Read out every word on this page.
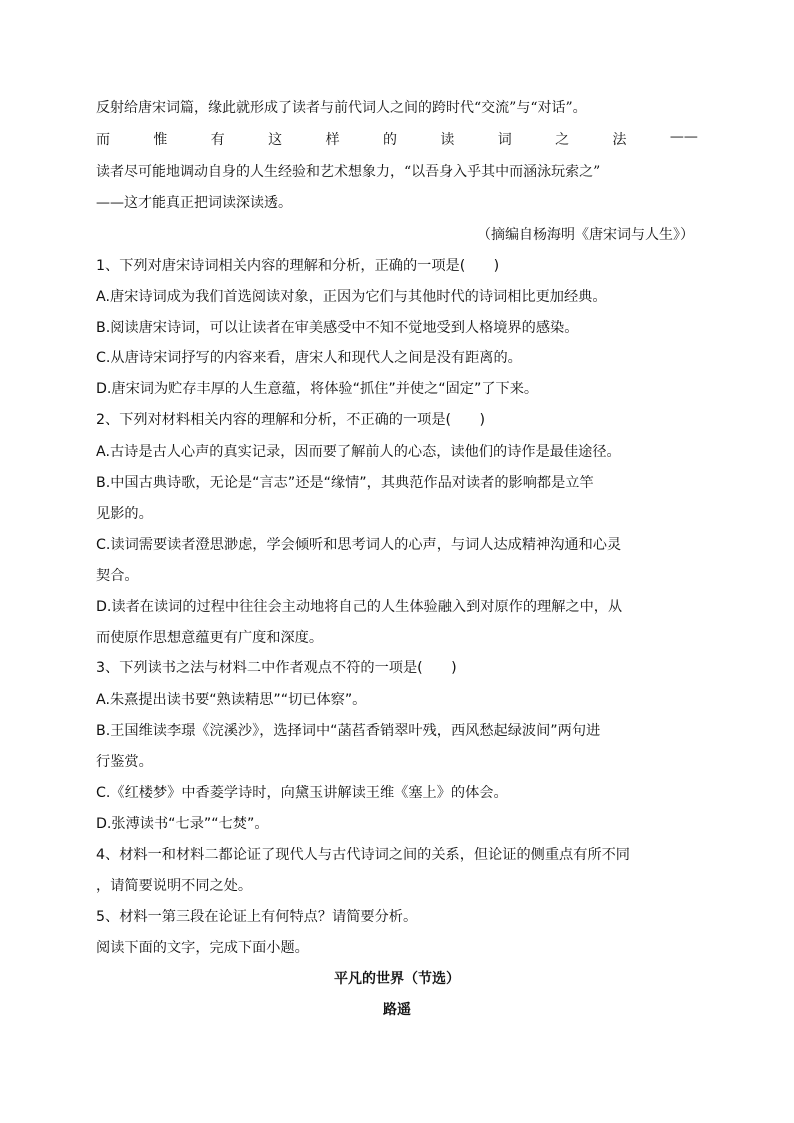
反射给唐宋词篇，缘此就形成了读者与前代词人之间的跨时代“交流”与“对话”。
而	惟	有	这	样	的	读	词	之	法	——
读者尽可能地调动自身的人生经验和艺术想象力，“以吾身入乎其中而涵泳玩索之”
——这才能真正把词读深读透。
（摘编自杨海明《唐宋词与人生》）
1、下列对唐宋诗词相关内容的理解和分析，正确的一项是(　　)
A.唐宋诗词成为我们首选阅读对象，正因为它们与其他时代的诗词相比更加经典。
B.阅读唐宋诗词，可以让读者在审美感受中不知不觉地受到人格境界的感染。
C.从唐诗宋词抒写的内容来看，唐宋人和现代人之间是没有距离的。
D.唐宋词为贮存丰厚的人生意蕴，将体验“抓住”并使之“固定”了下来。
2、下列对材料相关内容的理解和分析，不正确的一项是(　　)
A.古诗是古人心声的真实记录，因而要了解前人的心态，读他们的诗作是最佳途径。
B.中国古典诗歌，无论是“言志”还是“缘情”，其典范作品对读者的影响都是立竿
见影的。
C.读词需要读者澄思渺虑，学会倾听和思考词人的心声，与词人达成精神沟通和心灵
契合。
D.读者在读词的过程中往往会主动地将自己的人生体验融入到对原作的理解之中，从
而使原作思想意蕴更有广度和深度。
3、下列读书之法与材料二中作者观点不符的一项是(　　)
A.朱熹提出读书要“熟读精思”“切已体察”。
B.王国维读李璟《浣溪沙》，选择词中“菡萏香销翠叶残，西风愁起绿波间”两句进
行鉴赏。
C.《红楼梦》中香菱学诗时，向黛玉讲解读王维《塞上》的体会。
D.张溥读书“七录”“七焚”。
4、材料一和材料二都论证了现代人与古代诗词之间的关系，但论证的侧重点有所不同
，请简要说明不同之处。
5、材料一第三段在论证上有何特点？请简要分析。
阅读下面的文字，完成下面小题。
平凡的世界（节选）
路遥
